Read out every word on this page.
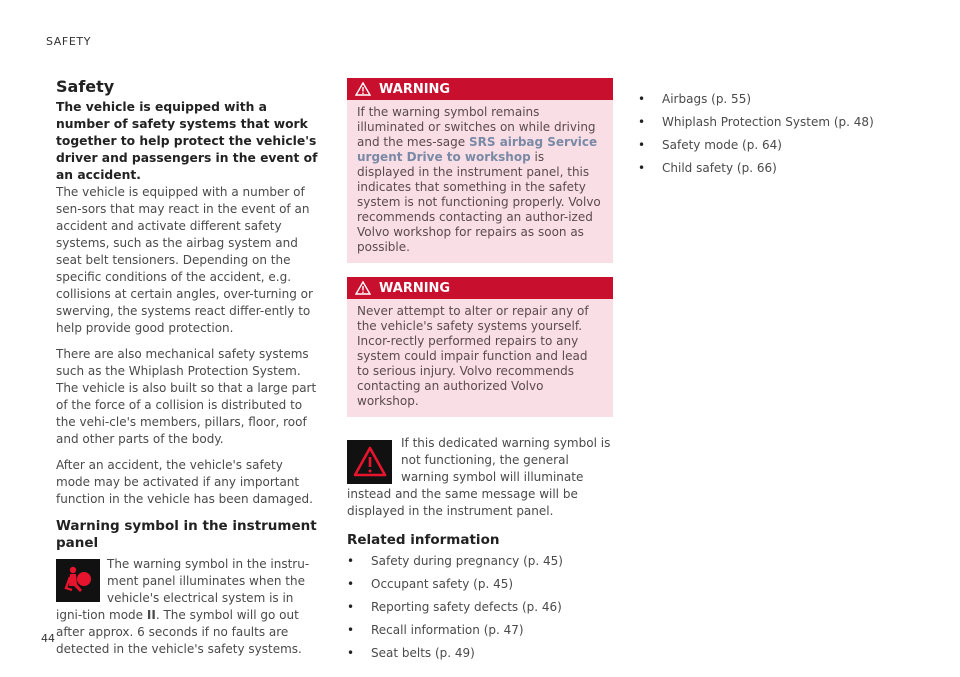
SAFETY
Safety

The vehicle is equipped with a number of safety systems that work together to help protect the vehicle's driver and passengers in the event of an accident.

The vehicle is equipped with a number of sen-sors that may react in the event of an accident and activate different safety systems, such as the airbag system and seat belt tensioners. Depending on the specific conditions of the accident, e.g. collisions at certain angles, over-turning or swerving, the systems react differ-ently to help provide good protection.

There are also mechanical safety systems such as the Whiplash Protection System. The vehicle is also built so that a large part of the force of a collision is distributed to the vehi-cle's members, pillars, floor, roof and other parts of the body.

After an accident, the vehicle's safety mode may be activated if any important function in the vehicle has been damaged.

Warning symbol in the instrument panel
The warning symbol in the instru-ment panel illuminates when the vehicle's electrical system is in igni-tion mode II. The symbol will go out after approx. 6 seconds if no faults are detected in the vehicle's safety systems.
WARNING
If the warning symbol remains illuminated or switches on while driving and the mes-sage SRS airbag Service urgent Drive to workshop is displayed in the instrument panel, this indicates that something in the safety system is not functioning properly. Volvo recommends contacting an author-ized Volvo workshop for repairs as soon as possible.
WARNING
Never attempt to alter or repair any of the vehicle's safety systems yourself. Incor-rectly performed repairs to any system could impair function and lead to serious injury. Volvo recommends contacting an authorized Volvo workshop.
If this dedicated warning symbol is not functioning, the general warning symbol will illuminate instead and the same message will be displayed in the instrument panel.
Related information
• Safety during pregnancy (p. 45)
• Occupant safety (p. 45)
• Reporting safety defects (p. 46)
• Recall information (p. 47)
• Seat belts (p. 49)
• Airbags (p. 55)
• Whiplash Protection System (p. 48)
• Safety mode (p. 64)
• Child safety (p. 66)
44
